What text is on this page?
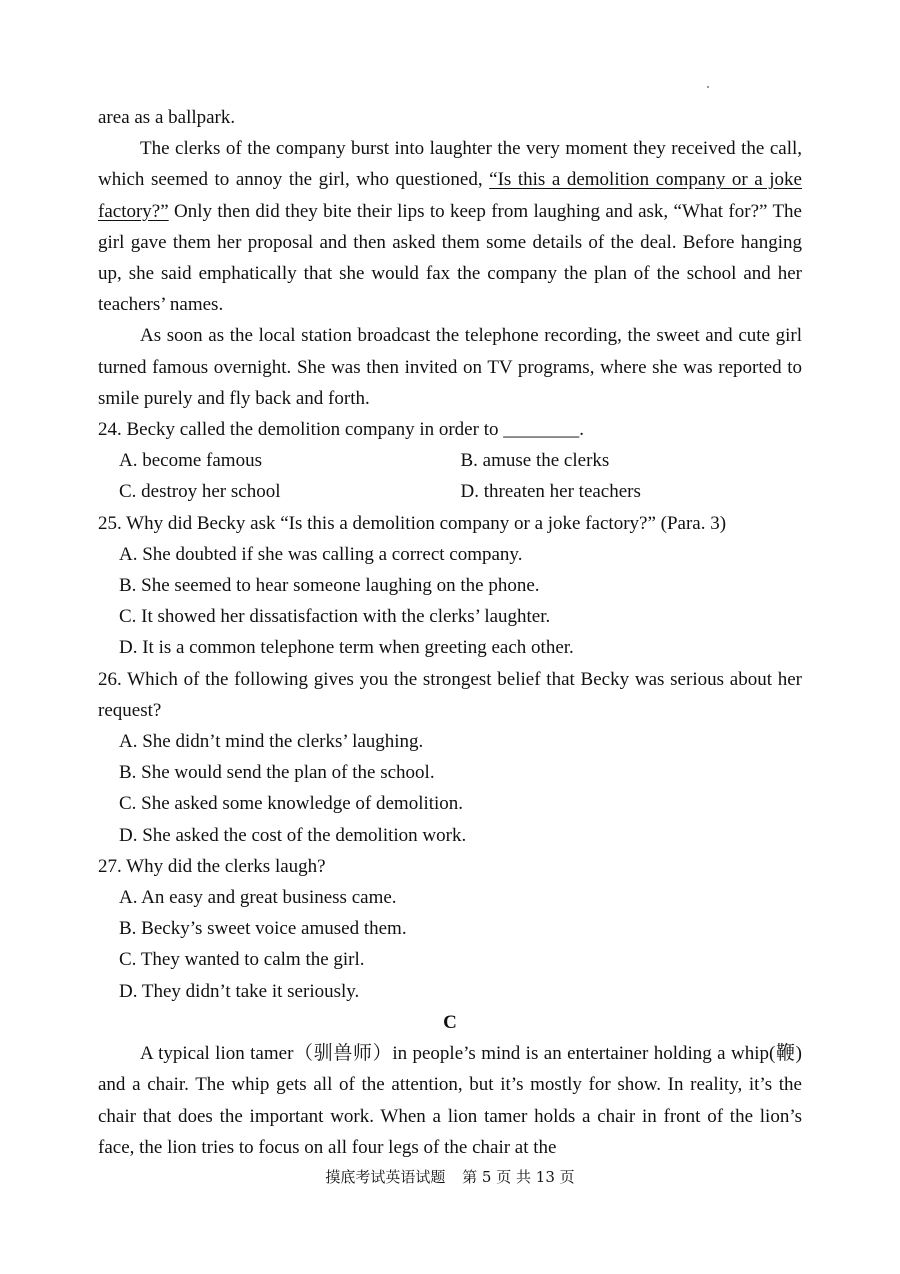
area as a ballpark.

The clerks of the company burst into laughter the very moment they received the call, which seemed to annoy the girl, who questioned, “Is this a demolition company or a joke factory?” Only then did they bite their lips to keep from laughing and ask, “What for?” The girl gave them her proposal and then asked them some details of the deal. Before hanging up, she said emphatically that she would fax the company the plan of the school and her teachers’ names.

As soon as the local station broadcast the telephone recording, the sweet and cute girl turned famous overnight. She was then invited on TV programs, where she was reported to smile purely and fly back and forth.

24. Becky called the demolition company in order to ________.

A. become famous	B. amuse the clerks

C. destroy her school	D. threaten her teachers

25. Why did Becky ask “Is this a demolition company or a joke factory?” (Para. 3)

A. She doubted if she was calling a correct company.

B. She seemed to hear someone laughing on the phone.

C. It showed her dissatisfaction with the clerks’ laughter.

D. It is a common telephone term when greeting each other.

26. Which of the following gives you the strongest belief that Becky was serious about her request?

A. She didn’t mind the clerks’ laughing.

B. She would send the plan of the school.

C. She asked some knowledge of demolition.

D. She asked the cost of the demolition work.

27. Why did the clerks laugh?

A. An easy and great business came.

B. Becky’s sweet voice amused them.

C. They wanted to calm the girl.

D. They didn’t take it seriously.

C

A typical lion tamer（驯兽师）in people’s mind is an entertainer holding a whip(鞭) and a chair. The whip gets all of the attention, but it’s mostly for show. In reality, it’s the chair that does the important work. When a lion tamer holds a chair in front of the lion’s face, the lion tries to focus on all four legs of the chair at the

摸底考试英语试题 第 5 页 共 13 页
